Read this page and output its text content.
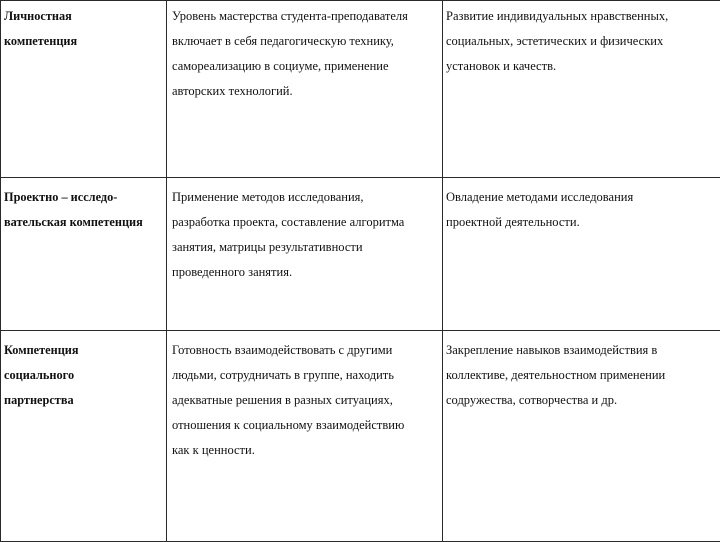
Личностная
компетенция	Уровень мастерства студента-преподавателя
включает в себя педагогическую технику,
самореализацию в социуме, применение
авторских технологий.	Развитие индивидуальных нравственных,
социальных, эстетических и физических
установок и качеств.

Проектно – исследо-
вательская компетенция	Применение методов исследования,
разработка проекта, составление алгоритма
занятия, матрицы результативности
проведенного занятия.	Овладение методами исследования
проектной деятельности.

Компетенция
социального
партнерства	Готовность взаимодействовать с другими
людьми, сотрудничать в группе, находить
адекватные решения в разных ситуациях,
отношения к социальному взаимодействию
как к ценности.	Закрепление навыков взаимодействия в
коллективе, деятельностном применении
содружества, сотворчества и др.
